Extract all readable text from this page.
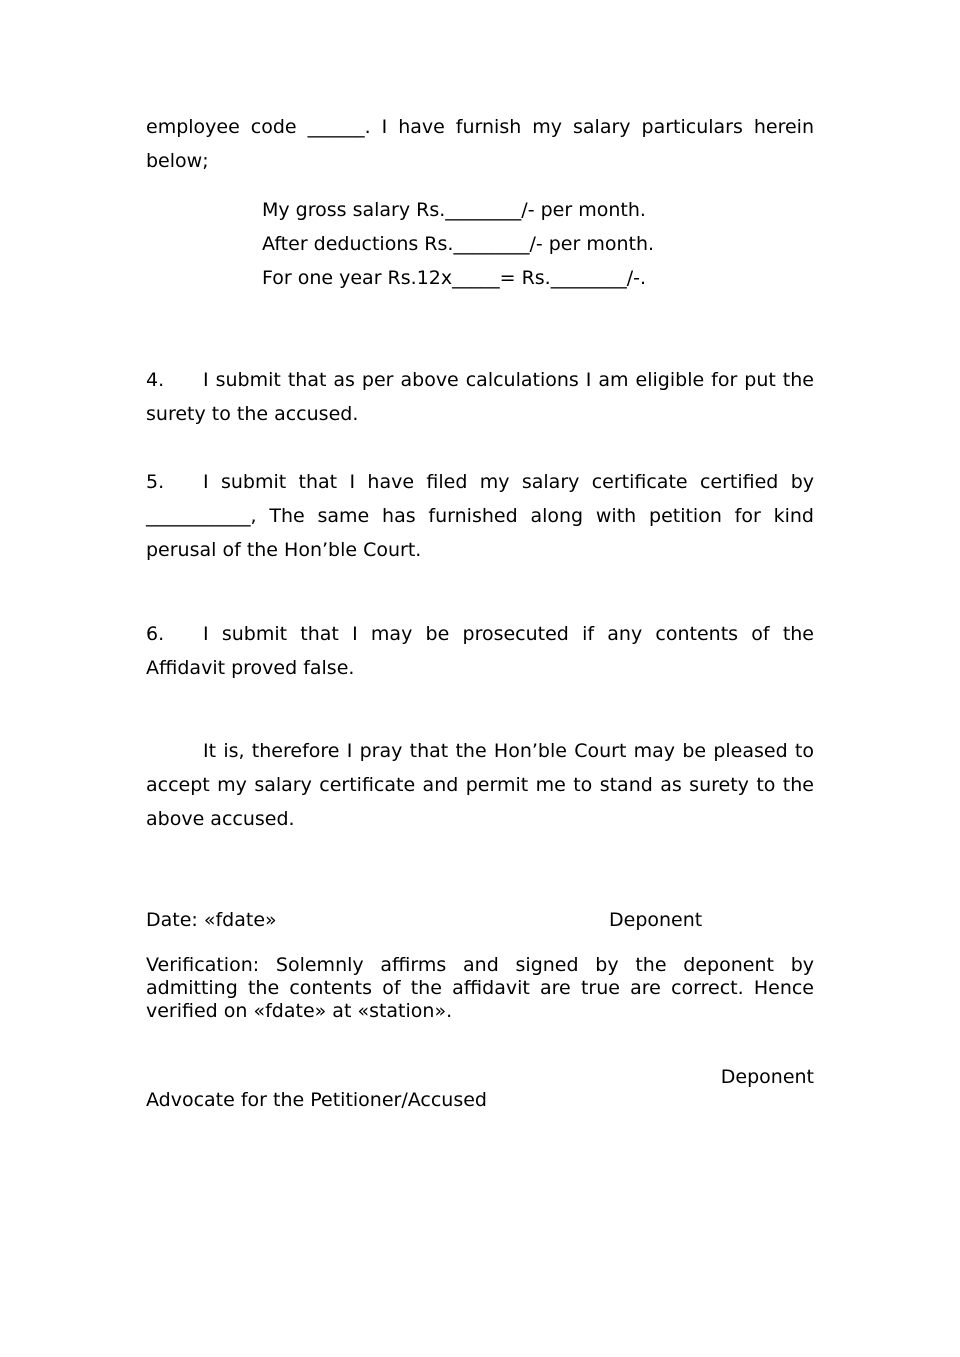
employee code ______. I have furnish my salary particulars herein below;

My gross salary Rs.________/- per month.
After deductions Rs.________/- per month.
For one year Rs.12x_____= Rs.________/-.

4. I submit that as per above calculations I am eligible for put the surety to the accused.

5. I submit that I have filed my salary certificate certified by ___________, The same has furnished along with petition for kind perusal of the Hon’ble Court.

6. I submit that I may be prosecuted if any contents of the Affidavit proved false.

It is, therefore I pray that the Hon’ble Court may be pleased to accept my salary certificate and permit me to stand as surety to the above accused.

Date: «fdate»	Deponent

Verification: Solemnly affirms and signed by the deponent by admitting the contents of the affidavit are true are correct. Hence verified on «fdate» at «station».

Deponent
Advocate for the Petitioner/Accused
